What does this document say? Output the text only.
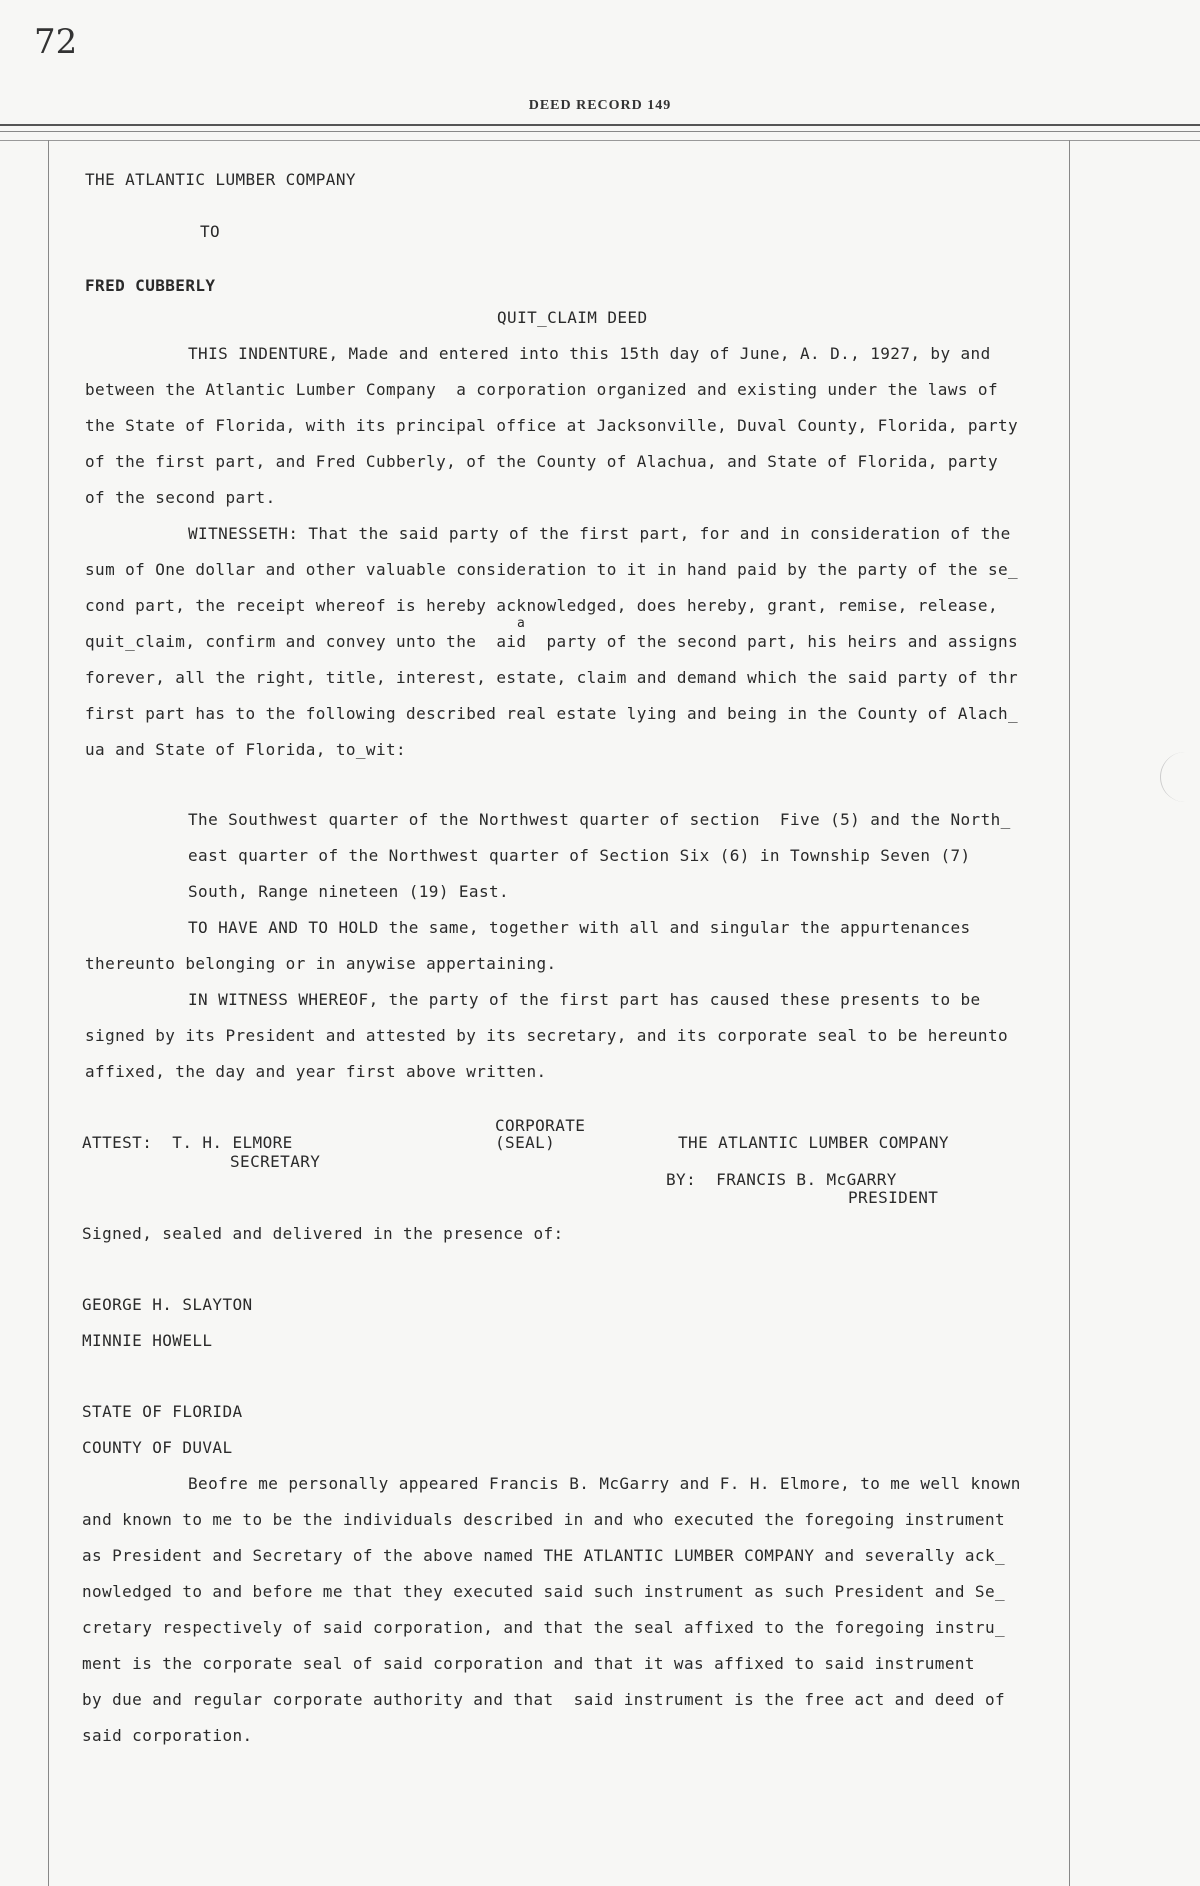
72
DEED RECORD 149
THE ATLANTIC LUMBER COMPANY
TO
FRED CUBBERLY
QUIT_CLAIM DEED
THIS INDENTURE, Made and entered into this 15th day of June, A. D., 1927, by and
between the Atlantic Lumber Company  a corporation organized and existing under the laws of
the State of Florida, with its principal office at Jacksonville, Duval County, Florida, party
of the first part, and Fred Cubberly, of the County of Alachua, and State of Florida, party
of the second part.
WITNESSETH: That the said party of the first part, for and in consideration of the
sum of One dollar and other valuable consideration to it in hand paid by the party of the se_
cond part, the receipt whereof is hereby acknowledged, does hereby, grant, remise, release,
a
quit_claim, confirm and convey unto the  aid  party of the second part, his heirs and assigns
forever, all the right, title, interest, estate, claim and demand which the said party of thr
first part has to the following described real estate lying and being in the County of Alach_
ua and State of Florida, to_wit:
The Southwest quarter of the Northwest quarter of section  Five (5) and the North_
east quarter of the Northwest quarter of Section Six (6) in Township Seven (7)
South, Range nineteen (19) East.
TO HAVE AND TO HOLD the same, together with all and singular the appurtenances
thereunto belonging or in anywise appertaining.
IN WITNESS WHEREOF, the party of the first part has caused these presents to be
signed by its President and attested by its secretary, and its corporate seal to be hereunto
affixed, the day and year first above written.
CORPORATE
ATTEST:  T. H. ELMORE	(SEAL)	THE ATLANTIC LUMBER COMPANY
SECRETARY
BY:  FRANCIS B. McGARRY
PRESIDENT
Signed, sealed and delivered in the presence of:
GEORGE H. SLAYTON
MINNIE HOWELL
STATE OF FLORIDA
COUNTY OF DUVAL
Beofre me personally appeared Francis B. McGarry and F. H. Elmore, to me well known
and known to me to be the individuals described in and who executed the foregoing instrument
as President and Secretary of the above named THE ATLANTIC LUMBER COMPANY and severally ack_
nowledged to and before me that they executed said such instrument as such President and Se_
cretary respectively of said corporation, and that the seal affixed to the foregoing instru_
ment is the corporate seal of said corporation and that it was affixed to said instrument
by due and regular corporate authority and that  said instrument is the free act and deed of
said corporation.
